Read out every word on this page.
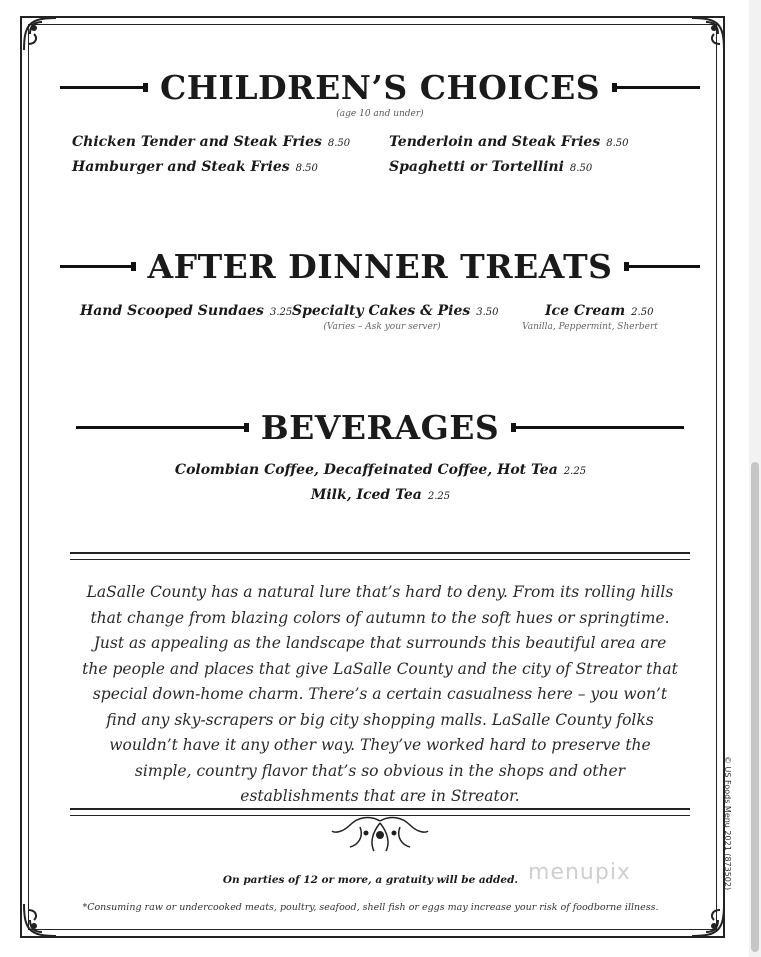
CHILDREN’S CHOICES
(age 10 and under)
Chicken Tender and Steak Fries 8.50	Tenderloin and Steak Fries 8.50
Hamburger and Steak Fries 8.50	Spaghetti or Tortellini 8.50
AFTER DINNER TREATS
Hand Scooped Sundaes 3.25 Specialty Cakes & Pies 3.50
(Varies – Ask your server)
Ice Cream 2.50
Vanilla, Peppermint, Sherbert
BEVERAGES
Colombian Coffee, Decaffeinated Coffee, Hot Tea 2.25
Milk, Iced Tea 2.25
LaSalle County has a natural lure that’s hard to deny. From its rolling hills that change from blazing colors of autumn to the soft hues or springtime. Just as appealing as the landscape that surrounds this beautiful area are the people and places that give LaSalle County and the city of Streator that special down-home charm. There’s a certain casualness here – you won’t find any sky-scrapers or big city shopping malls. LaSalle County folks wouldn’t have it any other way. They’ve worked hard to preserve the simple, country flavor that’s so obvious in the shops and other establishments that are in Streator.
menupix
On parties of 12 or more, a gratuity will be added.
*Consuming raw or undercooked meats, poultry, seafood, shell fish or eggs may increase your risk of foodborne illness.
© US Foods Menu 2021 (873502)
